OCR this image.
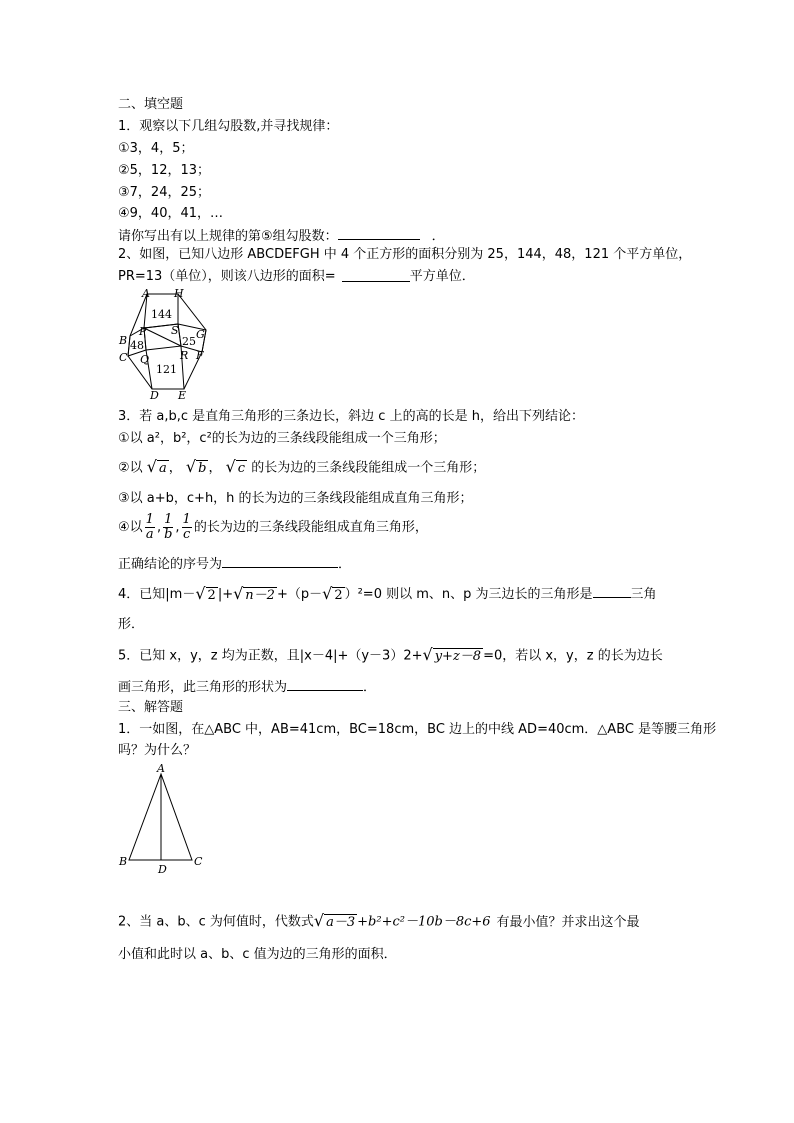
二、填空题
1．观察以下几组勾股数,并寻找规律：
①3，4，5；
②5，12，13；
③7，24，25；
④9，40，41，…
请你写出有以上规律的第⑤组勾股数：	．
2、如图，已知八边形 ABCDEFGH 中 4 个正方形的面积分别为 25，144，48，121 个平方单位，
PR=13（单位），则该八边形的面积=	平方单位．
A H
B	G
C	F
D E
P S
Q	R
144
25
48
121
3．若 a,b,c 是直角三角形的三条边长，斜边 c 上的高的长是 h，给出下列结论：
①以 a²，b²，c²的长为边的三条线段能组成一个三角形；
②以 √ a ， √ b ， √ c 的长为边的三条线段能组成一个三角形；
③以 a+b，c+h，h 的长为边的三条线段能组成直角三角形；
④以 $\frac{1}{a}$ , $\frac{1}{b}$ , $\frac{1}{c}$ 的长为边的三条线段能组成直角三角形，
正确结论的序号为	．
4．已知|m－√ 2 |+√ n－2 +（p－√ 2 ）²=0 则以 m、n、p 为三边长的三角形是	三角
形．
5．已知 x，y，z 均为正数，且|x－4|+（y－3）2+√ y+z－8 =0，若以 x，y，z 的长为边长
画三角形，此三角形的形状为	．
三、解答题
1．一如图，在△ABC 中，AB=41cm，BC=18cm，BC 边上的中线 AD=40cm．△ABC 是等腰三角形
吗？为什么？
A
B
D
C
2、当 a、b、c 为何值时，代数式√ a－3 +b²+c²－10b－8c+6 有最小值？并求出这个最
小值和此时以 a、b、c 值为边的三角形的面积．
